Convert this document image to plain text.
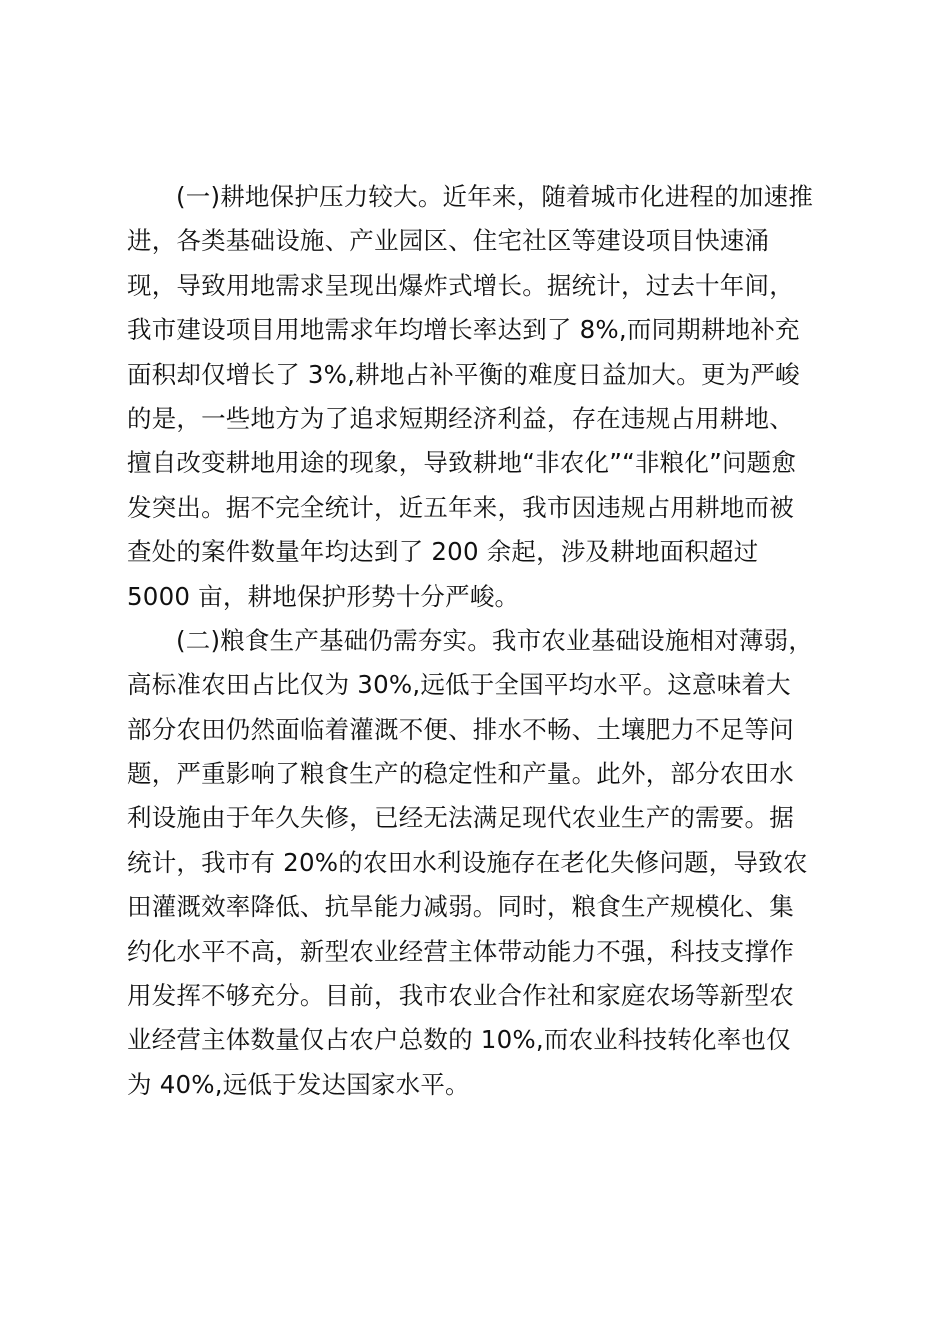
(一)耕地保护压力较大。近年来，随着城市化进程的加速推
进，各类基础设施、产业园区、住宅社区等建设项目快速涌
现，导致用地需求呈现出爆炸式增长。据统计，过去十年间，
我市建设项目用地需求年均增长率达到了 8%,而同期耕地补充
面积却仅增长了 3%,耕地占补平衡的难度日益加大。更为严峻
的是，一些地方为了追求短期经济利益，存在违规占用耕地、
擅自改变耕地用途的现象，导致耕地“非农化”“非粮化”问题愈
发突出。据不完全统计，近五年来，我市因违规占用耕地而被
查处的案件数量年均达到了 200 余起，涉及耕地面积超过
5000 亩，耕地保护形势十分严峻。
(二)粮食生产基础仍需夯实。我市农业基础设施相对薄弱，
高标准农田占比仅为 30%,远低于全国平均水平。这意味着大
部分农田仍然面临着灌溉不便、排水不畅、土壤肥力不足等问
题，严重影响了粮食生产的稳定性和产量。此外，部分农田水
利设施由于年久失修，已经无法满足现代农业生产的需要。据
统计，我市有 20%的农田水利设施存在老化失修问题，导致农
田灌溉效率降低、抗旱能力减弱。同时，粮食生产规模化、集
约化水平不高，新型农业经营主体带动能力不强，科技支撑作
用发挥不够充分。目前，我市农业合作社和家庭农场等新型农
业经营主体数量仅占农户总数的 10%,而农业科技转化率也仅
为 40%,远低于发达国家水平。
